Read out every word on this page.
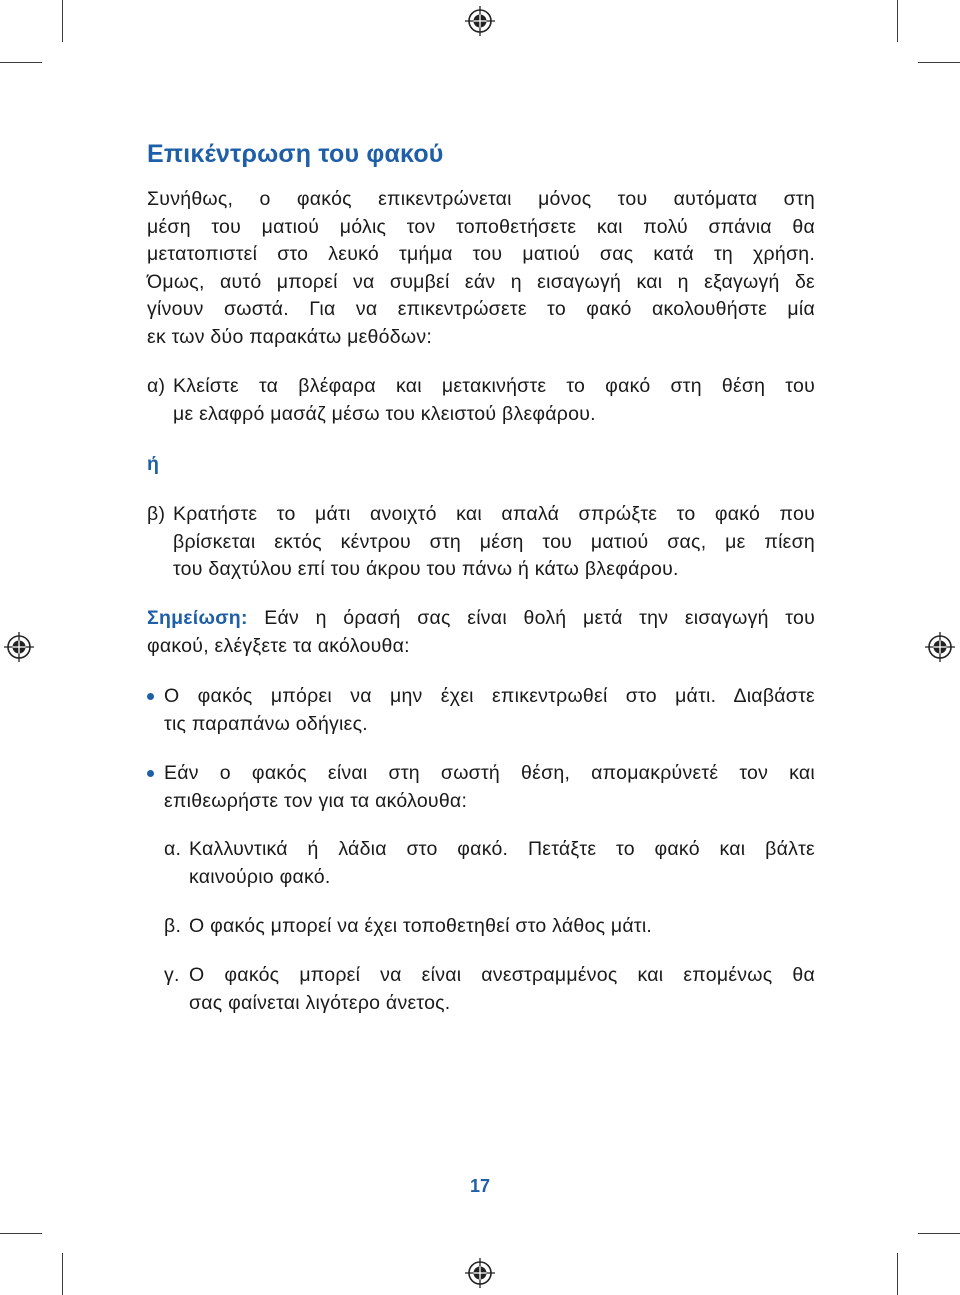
Επικέντρωση του φακού
Συνήθως, ο φακός επικεντρώνεται μόνος του αυτόματα στη
μέση του ματιού μόλις τον τοποθετήσετε και πολύ σπάνια θα
μετατοπιστεί στο λευκό τμήμα του ματιού σας κατά τη χρήση.
Όμως, αυτό μπορεί να συμβεί εάν η εισαγωγή και η εξαγωγή δε
γίνουν σωστά. Για να επικεντρώσετε το φακό ακολουθήστε μία
εκ των δύο παρακάτω μεθόδων:
α) Κλείστε τα βλέφαρα και μετακινήστε το φακό στη θέση του
με ελαφρό μασάζ μέσω του κλειστού βλεφάρου.
ή
β) Κρατήστε το μάτι ανοιχτό και απαλά σπρώξτε το φακό που
βρίσκεται εκτός κέντρου στη μέση του ματιού σας, με πίεση
του δαχτύλου επί του άκρου του πάνω ή κάτω βλεφάρου.
Σημείωση: Εάν η όρασή σας είναι θολή μετά την εισαγωγή του
φακού, ελέγξετε τα ακόλουθα:
Ο φακός μπόρει να μην έχει επικεντρωθεί στο μάτι. Διαβάστε
τις παραπάνω οδήγιες.
Εάν ο φακός είναι στη σωστή θέση, απομακρύνετέ τον και
επιθεωρήστε τον για τα ακόλουθα:
α. Καλλυντικά ή λάδια στο φακό. Πετάξτε το φακό και βάλτε
καινούριο φακό.
β. Ο φακός μπορεί να έχει τοποθετηθεί στο λάθος μάτι.
γ. Ο φακός μπορεί να είναι ανεστραμμένος και επομένως θα
σας φαίνεται λιγότερο άνετος.
17
